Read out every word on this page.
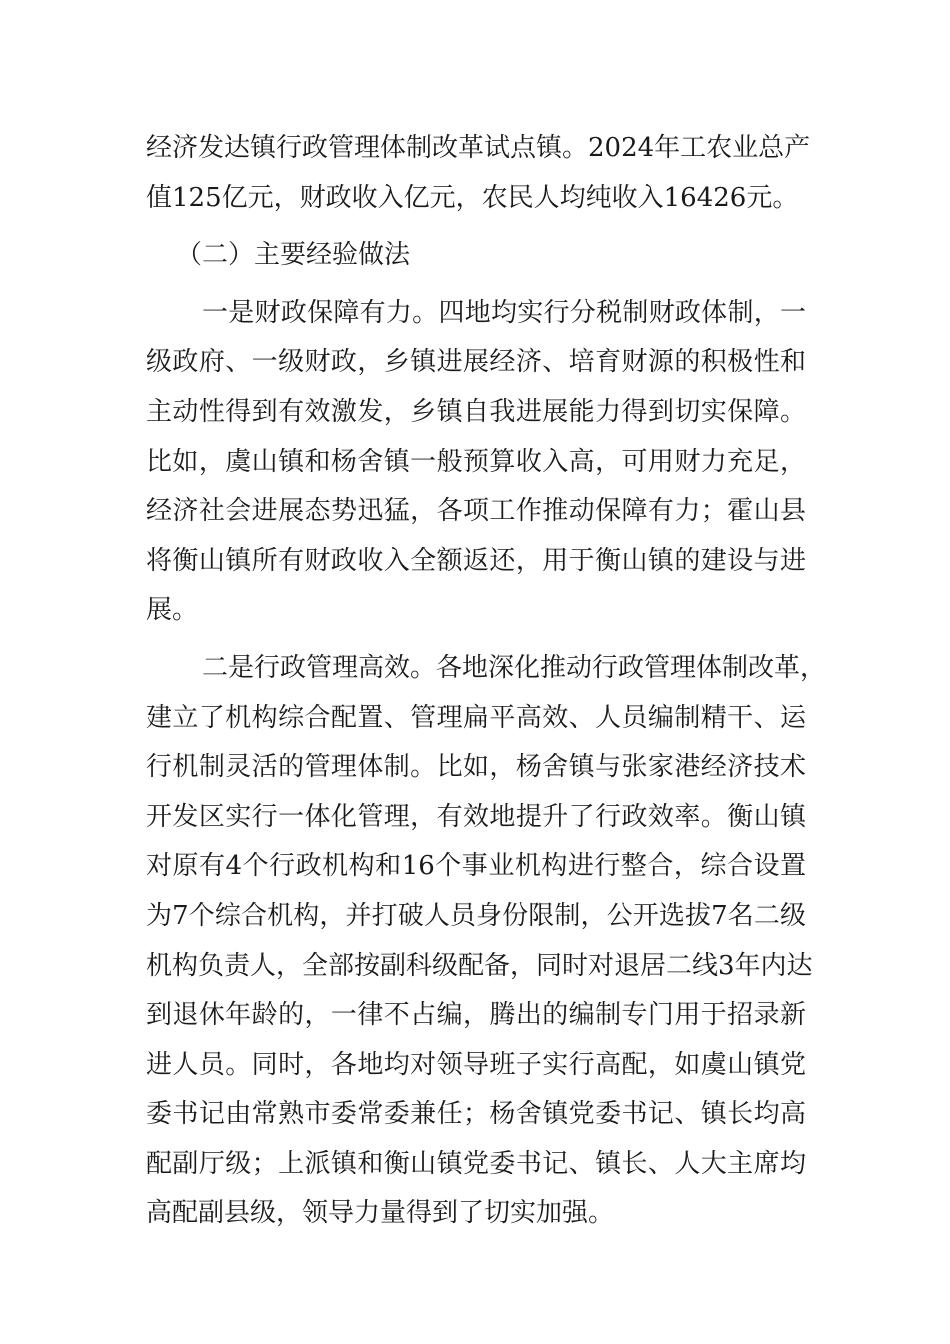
经济发达镇行政管理体制改革试点镇。2024年工农业总产
值125亿元，财政收入亿元，农民人均纯收入16426元。
（二）主要经验做法
一是财政保障有力。四地均实行分税制财政体制，一
级政府、一级财政，乡镇进展经济、培育财源的积极性和
主动性得到有效激发，乡镇自我进展能力得到切实保障。
比如，虞山镇和杨舍镇一般预算收入高，可用财力充足，
经济社会进展态势迅猛，各项工作推动保障有力；霍山县
将衡山镇所有财政收入全额返还，用于衡山镇的建设与进
展。
二是行政管理高效。各地深化推动行政管理体制改革，
建立了机构综合配置、管理扁平高效、人员编制精干、运
行机制灵活的管理体制。比如，杨舍镇与张家港经济技术
开发区实行一体化管理，有效地提升了行政效率。衡山镇
对原有4个行政机构和16个事业机构进行整合，综合设置
为7个综合机构，并打破人员身份限制，公开选拔7名二级
机构负责人，全部按副科级配备，同时对退居二线3年内达
到退休年龄的，一律不占编，腾出的编制专门用于招录新
进人员。同时，各地均对领导班子实行高配，如虞山镇党
委书记由常熟市委常委兼任；杨舍镇党委书记、镇长均高
配副厅级；上派镇和衡山镇党委书记、镇长、人大主席均
高配副县级，领导力量得到了切实加强。
